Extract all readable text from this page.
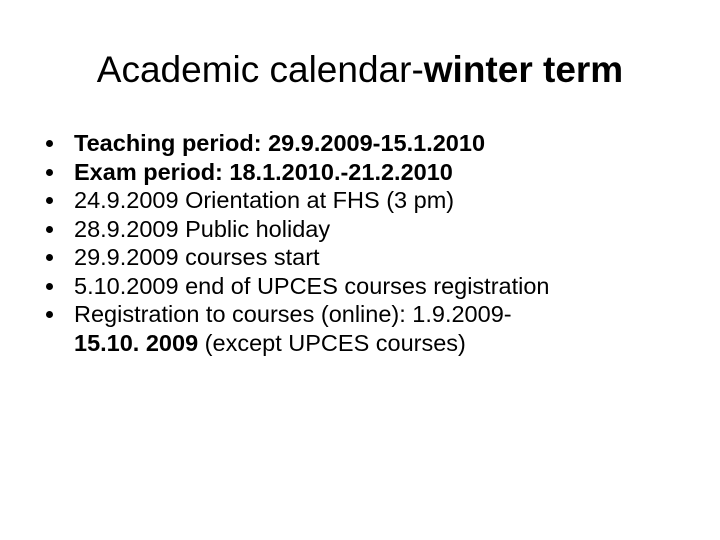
Academic calendar-winter term
Teaching period: 29.9.2009-15.1.2010
Exam period: 18.1.2010.-21.2.2010
24.9.2009 Orientation at FHS (3 pm)
28.9.2009 Public holiday
29.9.2009 courses start
5.10.2009 end of UPCES courses registration
Registration to courses (online): 1.9.2009-
15.10. 2009 (except UPCES courses)
